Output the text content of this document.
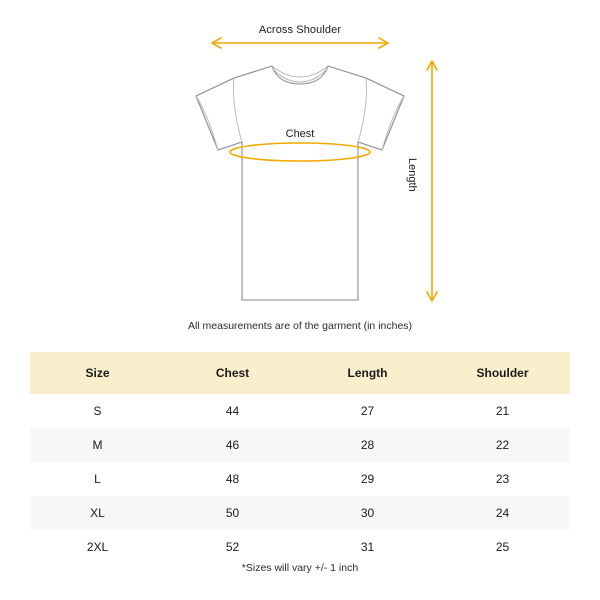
Across Shoulder
Chest
Length
All measurements are of the garment (in inches)
Size	Chest	Length	Shoulder
S	44	27	21
M	46	28	22
L	48	29	23
XL	50	30	24
2XL	52	31	25
*Sizes will vary +/- 1 inch
